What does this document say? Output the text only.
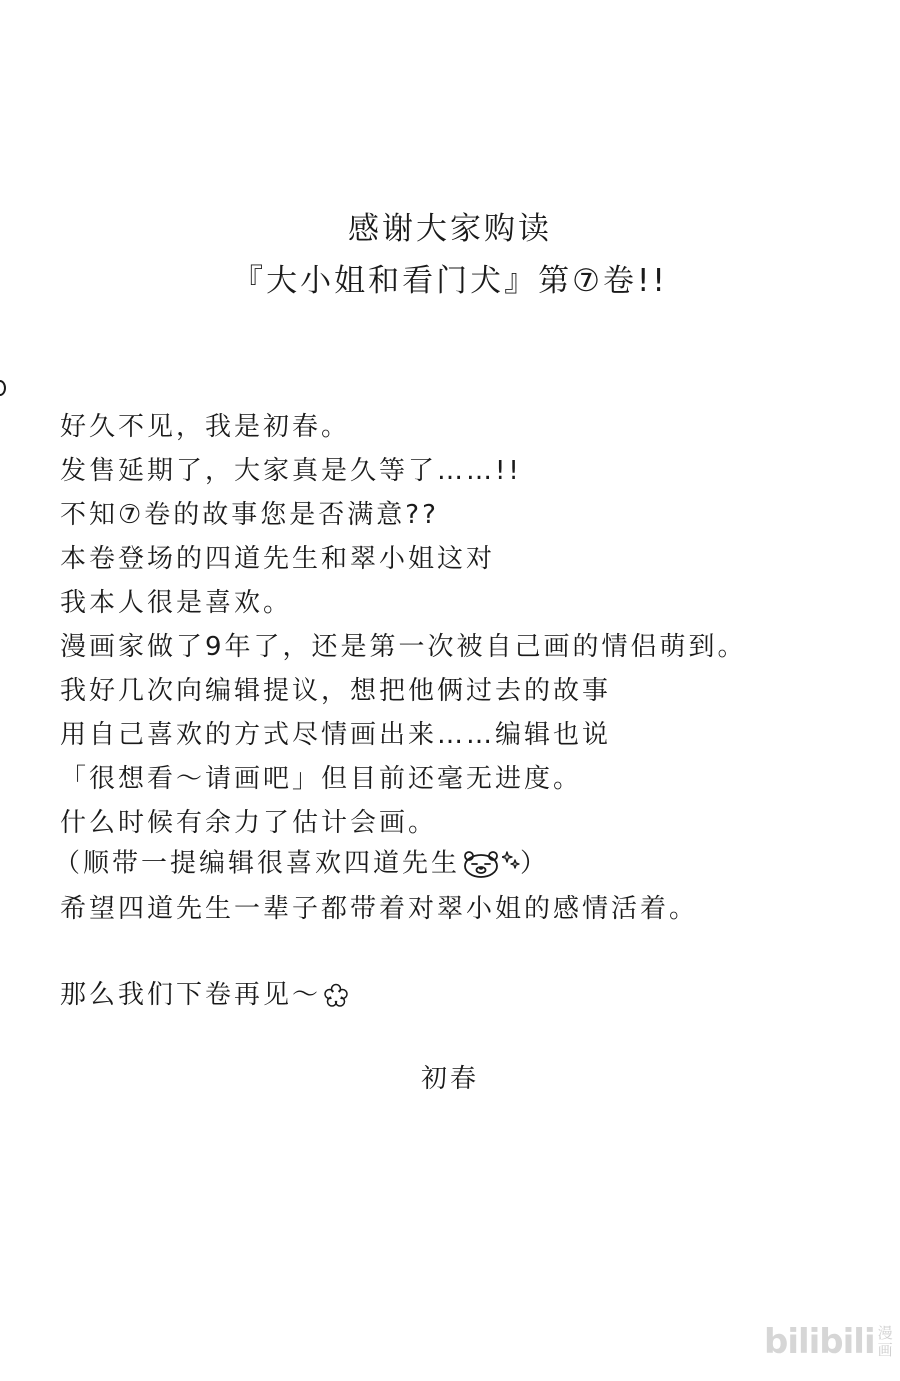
感谢大家购读
『大小姐和看门犬』第⑦卷!!
好久不见，我是初春。
发售延期了，大家真是久等了……!!
不知⑦卷的故事您是否满意??
本卷登场的四道先生和翠小姐这对
我本人很是喜欢。
漫画家做了9年了，还是第一次被自己画的情侣萌到。
我好几次向编辑提议，想把他俩过去的故事
用自己喜欢的方式尽情画出来……编辑也说
「很想看～请画吧」但目前还毫无进度。
什么时候有余力了估计会画。
（顺带一提编辑很喜欢四道先生 ）
希望四道先生一辈子都带着对翠小姐的感情活着。
那么我们下卷再见～
初春
bilibili 漫
画
